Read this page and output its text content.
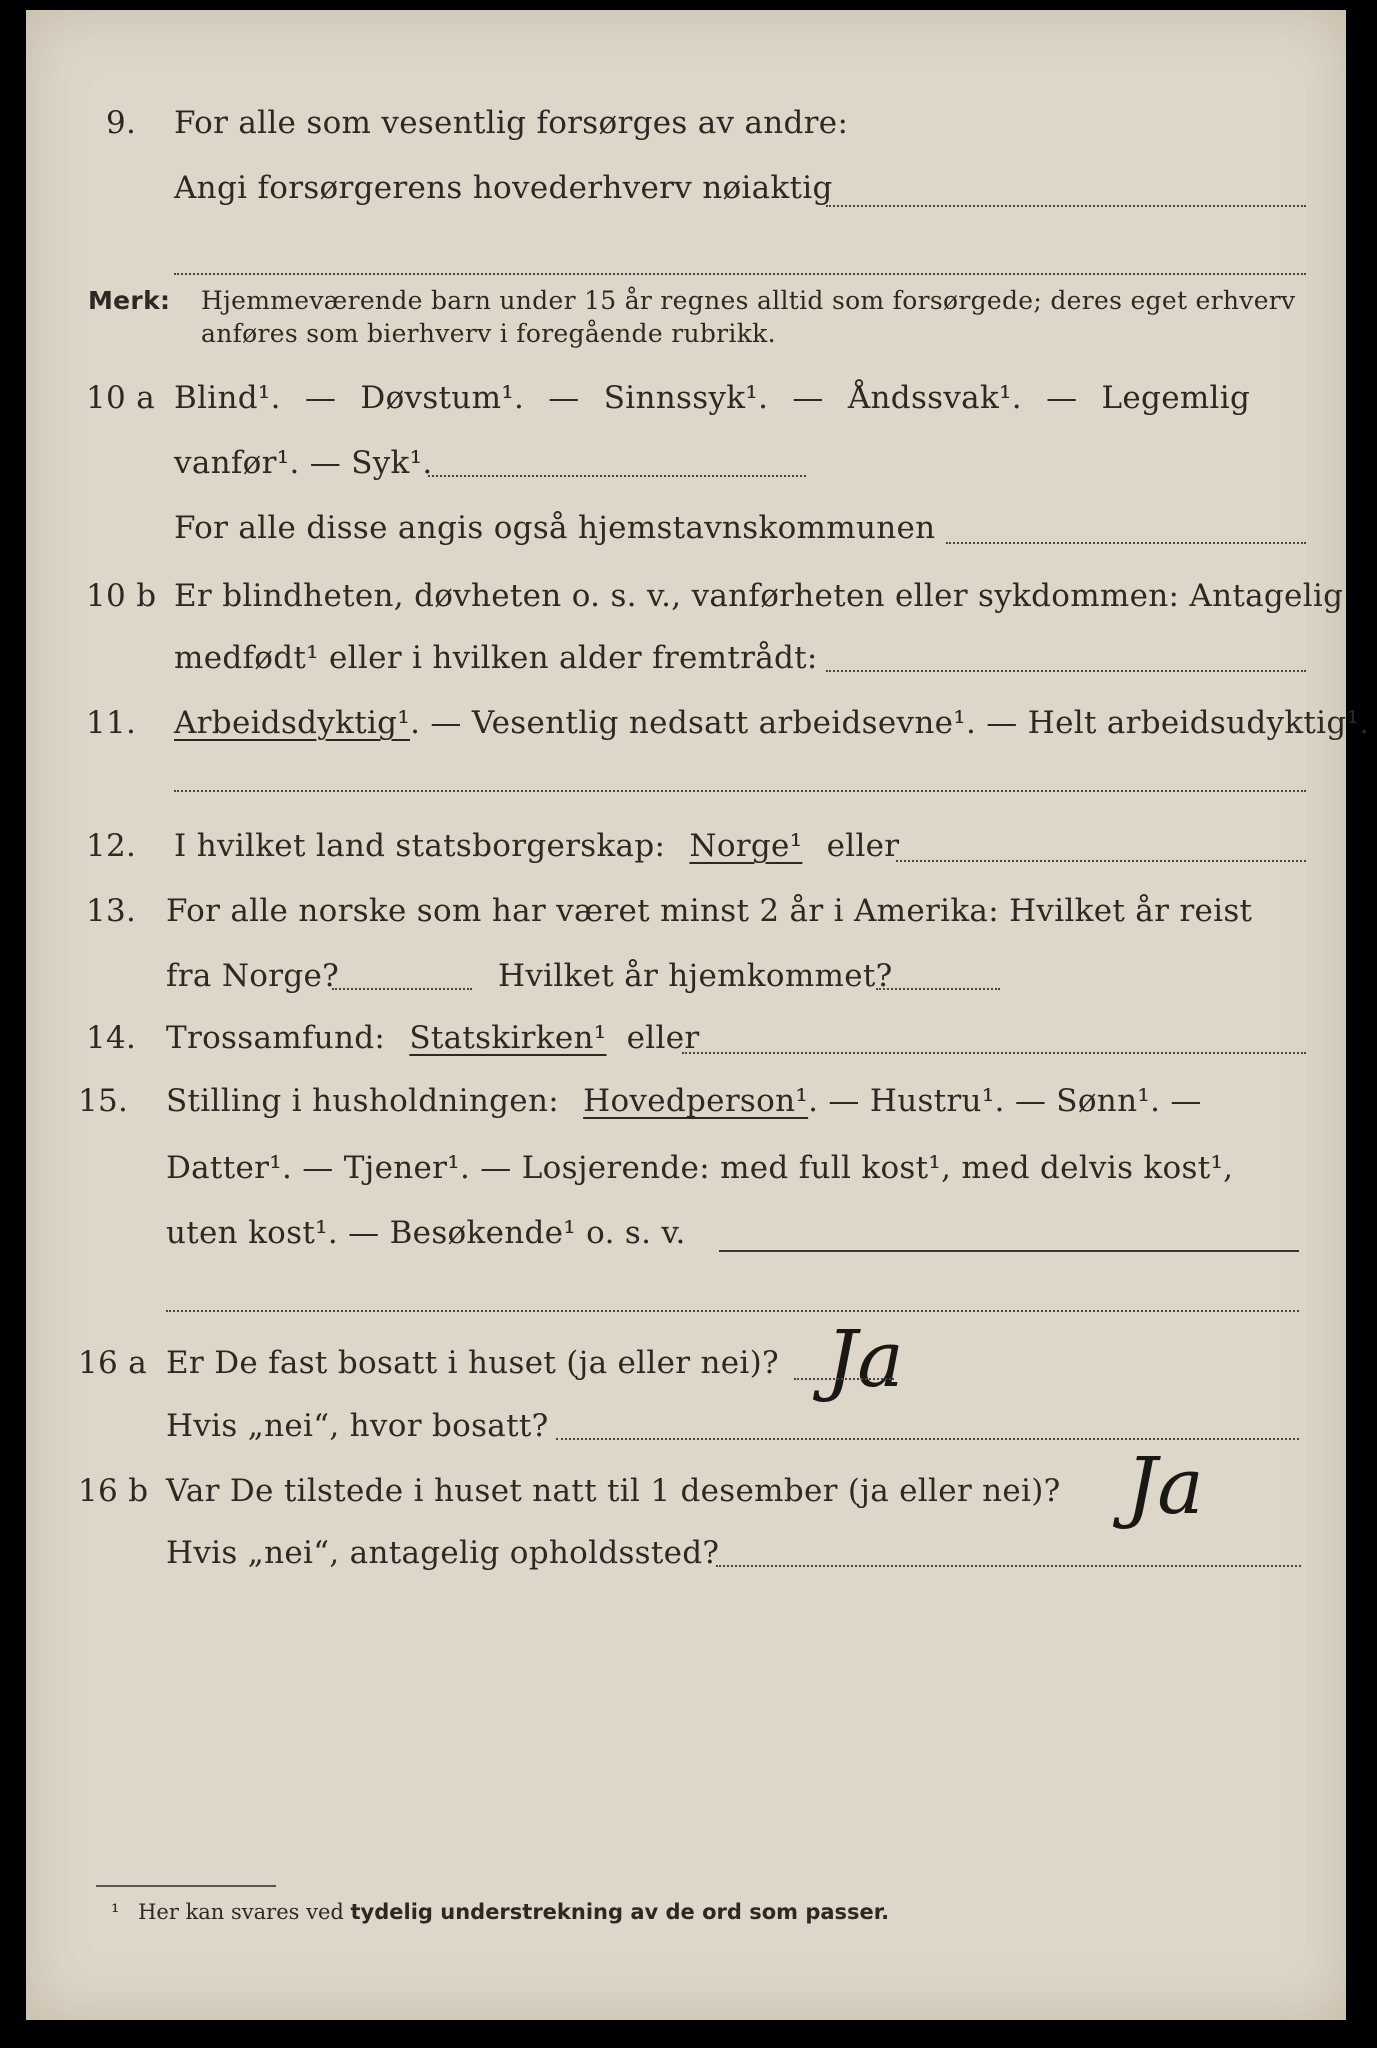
9. For alle som vesentlig forsørges av andre:
Angi forsørgerens hovederhverv nøiaktig
Merk: Hjemmeværende barn under 15 år regnes alltid som forsørgede; deres eget erhverv
anføres som bierhverv i foregående rubrikk.
10 a Blind¹. — Døvstum¹. — Sinnssyk¹. — Åndssvak¹. — Legemlig
vanfør¹. — Syk¹.
For alle disse angis også hjemstavnskommunen
10 b Er blindheten, døvheten o. s. v., vanførheten eller sykdommen: Antagelig
medfødt¹ eller i hvilken alder fremtrådt:
11. Arbeidsdyktig¹. — Vesentlig nedsatt arbeidsevne¹. — Helt arbeidsudyktig¹.
12. I hvilket land statsborgerskap: Norge¹ eller
13. For alle norske som har været minst 2 år i Amerika: Hvilket år reist
fra Norge?	Hvilket år hjemkommet?
14. Trossamfund: Statskirken¹ eller
15. Stilling i husholdningen: Hovedperson¹. — Hustru¹. — Sønn¹. —
Datter¹. — Tjener¹. — Losjerende: med full kost¹, med delvis kost¹,
uten kost¹. — Besøkende¹ o. s. v.
16 a Er De fast bosatt i huset (ja eller nei)? Ja
Hvis „nei“, hvor bosatt?
16 b Var De tilstede i huset natt til 1 desember (ja eller nei)? Ja
Hvis „nei“, antagelig opholdssted?
¹ Her kan svares ved tydelig understrekning av de ord som passer.
